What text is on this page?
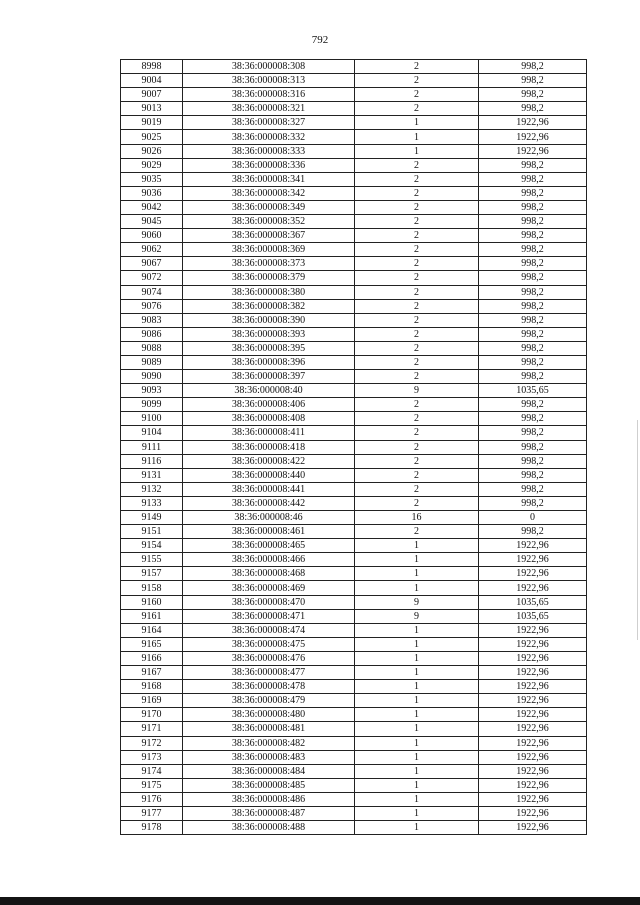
792
8998	38:36:000008:308	2	998,2
9004	38:36:000008:313	2	998,2
9007	38:36:000008:316	2	998,2
9013	38:36:000008:321	2	998,2
9019	38:36:000008:327	1	1922,96
9025	38:36:000008:332	1	1922,96
9026	38:36:000008:333	1	1922,96
9029	38:36:000008:336	2	998,2
9035	38:36:000008:341	2	998,2
9036	38:36:000008:342	2	998,2
9042	38:36:000008:349	2	998,2
9045	38:36:000008:352	2	998,2
9060	38:36:000008:367	2	998,2
9062	38:36:000008:369	2	998,2
9067	38:36:000008:373	2	998,2
9072	38:36:000008:379	2	998,2
9074	38:36:000008:380	2	998,2
9076	38:36:000008:382	2	998,2
9083	38:36:000008:390	2	998,2
9086	38:36:000008:393	2	998,2
9088	38:36:000008:395	2	998,2
9089	38:36:000008:396	2	998,2
9090	38:36:000008:397	2	998,2
9093	38:36:000008:40	9	1035,65
9099	38:36:000008:406	2	998,2
9100	38:36:000008:408	2	998,2
9104	38:36:000008:411	2	998,2
9111	38:36:000008:418	2	998,2
9116	38:36:000008:422	2	998,2
9131	38:36:000008:440	2	998,2
9132	38:36:000008:441	2	998,2
9133	38:36:000008:442	2	998,2
9149	38:36:000008:46	16	0
9151	38:36:000008:461	2	998,2
9154	38:36:000008:465	1	1922,96
9155	38:36:000008:466	1	1922,96
9157	38:36:000008:468	1	1922,96
9158	38:36:000008:469	1	1922,96
9160	38:36:000008:470	9	1035,65
9161	38:36:000008:471	9	1035,65
9164	38:36:000008:474	1	1922,96
9165	38:36:000008:475	1	1922,96
9166	38:36:000008:476	1	1922,96
9167	38:36:000008:477	1	1922,96
9168	38:36:000008:478	1	1922,96
9169	38:36:000008:479	1	1922,96
9170	38:36:000008:480	1	1922,96
9171	38:36:000008:481	1	1922,96
9172	38:36:000008:482	1	1922,96
9173	38:36:000008:483	1	1922,96
9174	38:36:000008:484	1	1922,96
9175	38:36:000008:485	1	1922,96
9176	38:36:000008:486	1	1922,96
9177	38:36:000008:487	1	1922,96
9178	38:36:000008:488	1	1922,96
